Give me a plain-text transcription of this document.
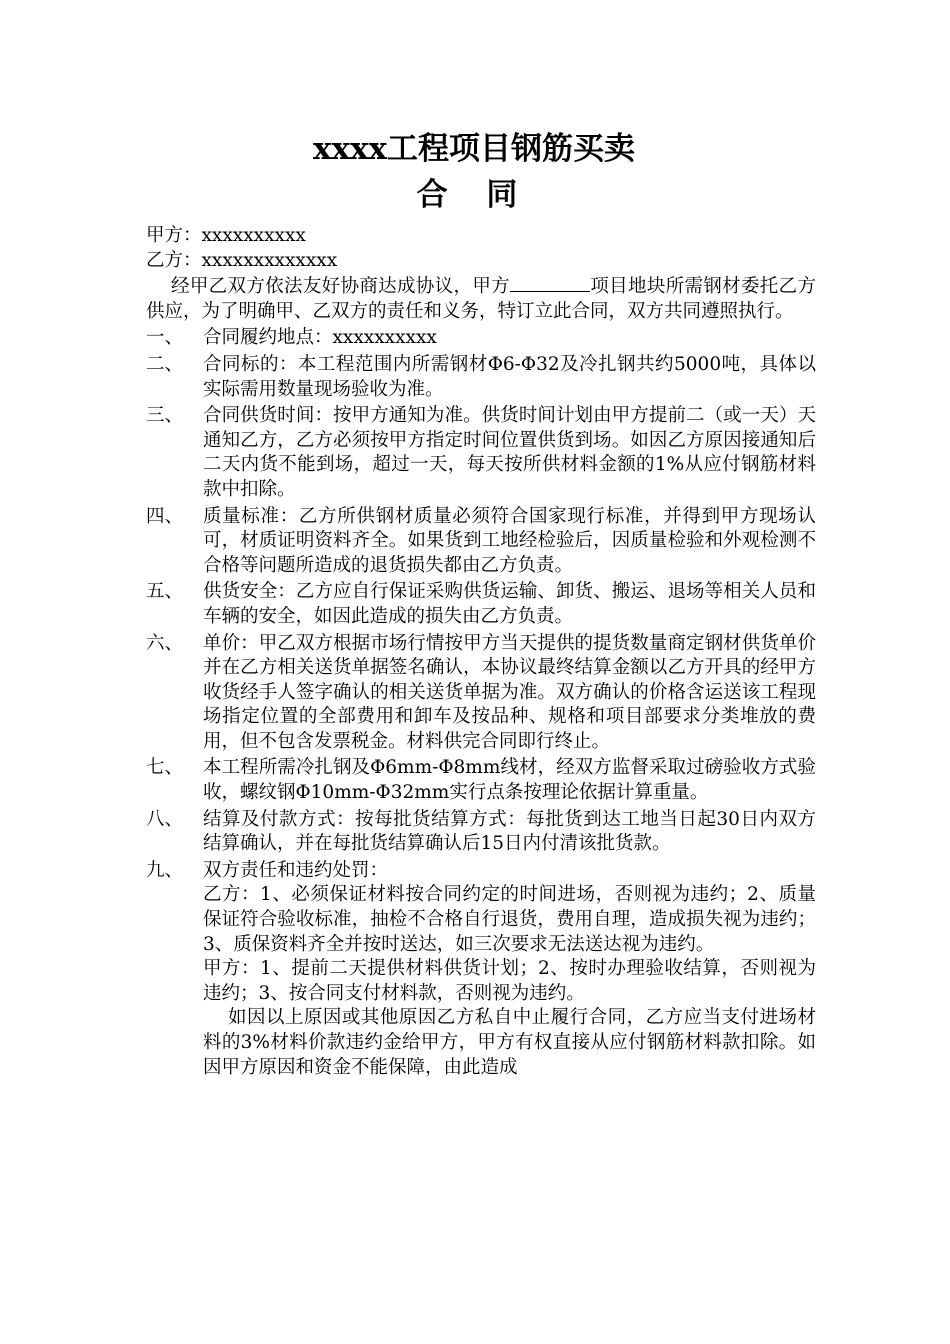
xxxx工程项目钢筋买卖
合 同
甲方：xxxxxxxxxx
乙方：xxxxxxxxxxxxx
经甲乙双方依法友好协商达成协议，甲方	项目地块所需钢材委托乙方供应，为了明确甲、乙双方的责任和义务，特订立此合同，双方共同遵照执行。
一、	合同履约地点：xxxxxxxxxx
二、	合同标的：本工程范围内所需钢材Φ6-Φ32及冷扎钢共约5000吨，具体以实际需用数量现场验收为准。
三、	合同供货时间：按甲方通知为准。供货时间计划由甲方提前二（或一天）天通知乙方，乙方必须按甲方指定时间位置供货到场。如因乙方原因接通知后二天内货不能到场，超过一天，每天按所供材料金额的1%从应付钢筋材料款中扣除。
四、	质量标准：乙方所供钢材质量必须符合国家现行标准，并得到甲方现场认可，材质证明资料齐全。如果货到工地经检验后，因质量检验和外观检测不合格等问题所造成的退货损失都由乙方负责。
五、	供货安全：乙方应自行保证采购供货运输、卸货、搬运、退场等相关人员和车辆的安全，如因此造成的损失由乙方负责。
六、	单价：甲乙双方根据市场行情按甲方当天提供的提货数量商定钢材供货单价并在乙方相关送货单据签名确认，本协议最终结算金额以乙方开具的经甲方收货经手人签字确认的相关送货单据为准。双方确认的价格含运送该工程现场指定位置的全部费用和卸车及按品种、规格和项目部要求分类堆放的费用，但不包含发票税金。材料供完合同即行终止。
七、	本工程所需冷扎钢及Φ6mm-Φ8mm线材，经双方监督采取过磅验收方式验收，螺纹钢Φ10mm-Φ32mm实行点条按理论依据计算重量。
八、	结算及付款方式：按每批货结算方式：每批货到达工地当日起30日内双方结算确认，并在每批货结算确认后15日内付清该批货款。
九、	双方责任和违约处罚：
乙方：1、必须保证材料按合同约定的时间进场，否则视为违约；2、质量保证符合验收标准，抽检不合格自行退货，费用自理，造成损失视为违约；3、质保资料齐全并按时送达，如三次要求无法送达视为违约。
甲方：1、提前二天提供材料供货计划；2、按时办理验收结算，否则视为违约；3、按合同支付材料款，否则视为违约。
如因以上原因或其他原因乙方私自中止履行合同，乙方应当支付进场材料的3%材料价款违约金给甲方，甲方有权直接从应付钢筋材料款扣除。如因甲方原因和资金不能保障，由此造成
